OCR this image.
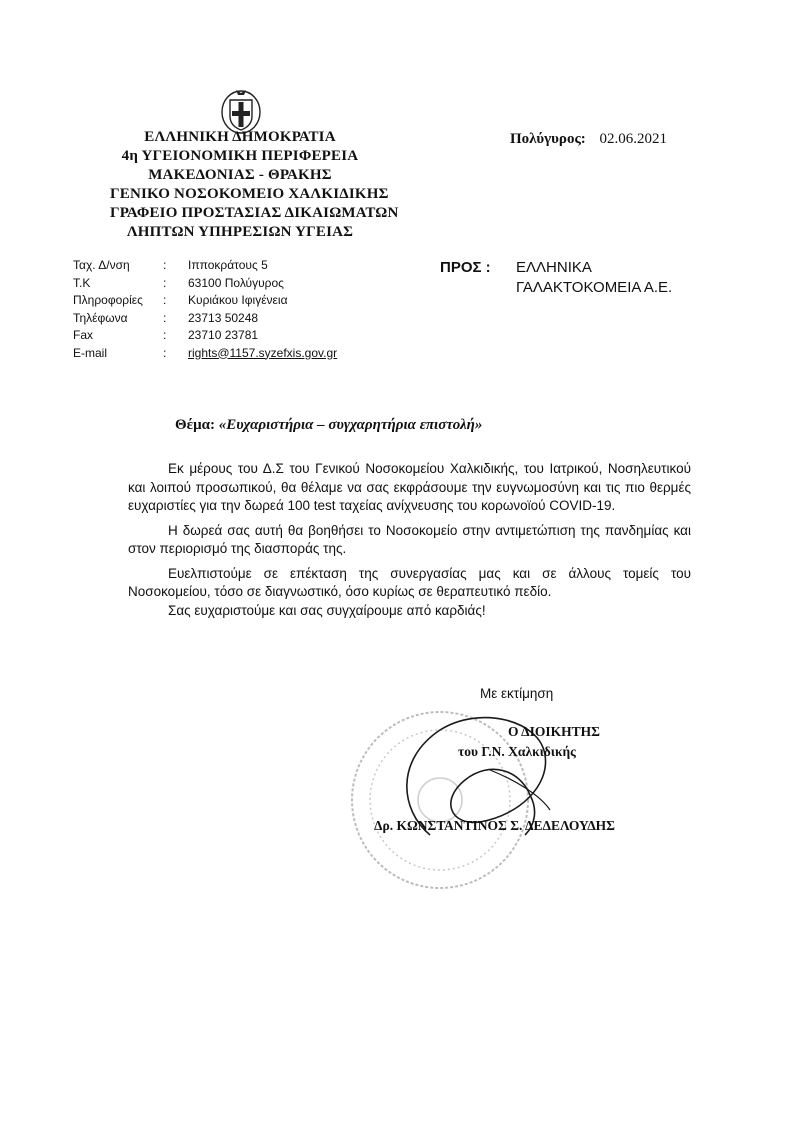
ΕΛΛΗΝΙΚΗ ΔΗΜΟΚΡΑΤΙΑ
4η ΥΓΕΙΟΝΟΜΙΚΗ ΠΕΡΙΦΕΡΕΙΑ
ΜΑΚΕΔΟΝΙΑΣ - ΘΡΑΚΗΣ
ΓΕΝΙΚΟ ΝΟΣΟΚΟΜΕΙΟ ΧΑΛΚΙΔΙΚΗΣ
ΓΡΑΦΕΙΟ ΠΡΟΣΤΑΣΙΑΣ ΔΙΚΑΙΩΜΑΤΩΝ
ΛΗΠΤΩΝ ΥΠΗΡΕΣΙΩΝ ΥΓΕΙΑΣ
Πολύγυρος: 02.06.2021
Ταχ. Δ/νση	: Ιπποκράτους 5
Τ.Κ	: 63100 Πολύγυρος
Πληροφορίες : Κυριάκου Ιφιγένεια
Τηλέφωνα	: 23713 50248
Fax	: 23710 23781
E-mail	: rights@1157.syzefxis.gov.gr
ΠΡΟΣ : ΕΛΛΗΝΙΚΑ
ΓΑΛΑΚΤΟΚΟΜΕΙΑ Α.Ε.
Θέμα: «Ευχαριστήρια – συγχαρητήρια επιστολή»

Εκ μέρους του Δ.Σ του Γενικού Νοσοκομείου Χαλκιδικής, του Ιατρικού, Νοσηλευτικού και λοιπού προσωπικού, θα θέλαμε να σας εκφράσουμε την ευγνωμοσύνη και τις πιο θερμές ευχαριστίες για την δωρεά 100 test ταχείας ανίχνευσης του κορωνοϊού COVID-19.

Η δωρεά σας αυτή θα βοηθήσει το Νοσοκομείο στην αντιμετώπιση της πανδημίας και στον περιορισμό της διασποράς της.

Ευελπιστούμε σε επέκταση της συνεργασίας μας και σε άλλους τομείς του Νοσοκομείου, τόσο σε διαγνωστικό, όσο κυρίως σε θεραπευτικό πεδίο.

Σας ευχαριστούμε και σας συγχαίρουμε από καρδιάς!

Με εκτίμηση
Ο ΔΙΟΙΚΗΤΗΣ
του Γ.Ν. Χαλκιδικής
Δρ. ΚΩΝΣΤΑΝΤΙΝΟΣ Σ. ΔΕΔΕΛΟΥΔΗΣ
